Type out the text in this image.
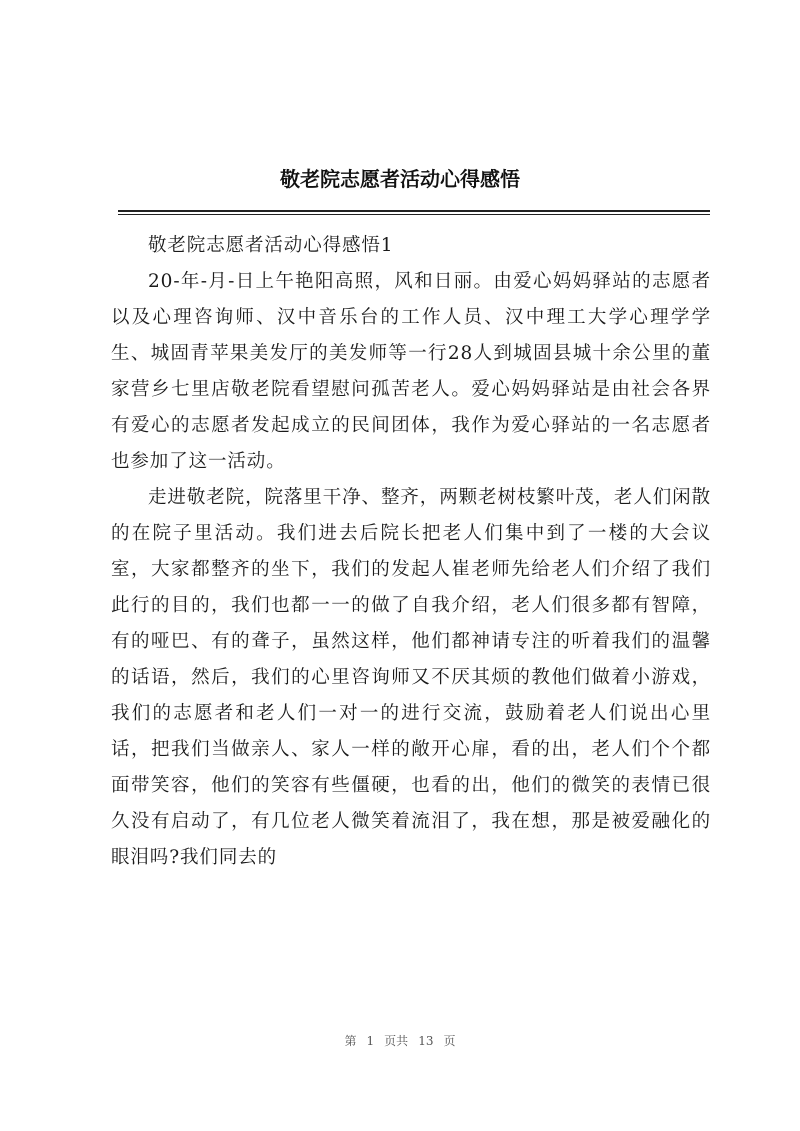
敬老院志愿者活动心得感悟

敬老院志愿者活动心得感悟1

20-年-月-日上午艳阳高照，风和日丽。由爱心妈妈驿站的志愿者以及心理咨询师、汉中音乐台的工作人员、汉中理工大学心理学学生、城固青苹果美发厅的美发师等一行28人到城固县城十余公里的董家营乡七里店敬老院看望慰问孤苦老人。爱心妈妈驿站是由社会各界有爱心的志愿者发起成立的民间团体，我作为爱心驿站的一名志愿者也参加了这一活动。

走进敬老院，院落里干净、整齐，两颗老树枝繁叶茂，老人们闲散的在院子里活动。我们进去后院长把老人们集中到了一楼的大会议室，大家都整齐的坐下，我们的发起人崔老师先给老人们介绍了我们此行的目的，我们也都一一的做了自我介绍，老人们很多都有智障，有的哑巴、有的聋子，虽然这样，他们都神请专注的听着我们的温馨的话语，然后，我们的心里咨询师又不厌其烦的教他们做着小游戏，我们的志愿者和老人们一对一的进行交流，鼓励着老人们说出心里话，把我们当做亲人、家人一样的敞开心扉，看的出，老人们个个都面带笑容，他们的笑容有些僵硬，也看的出，他们的微笑的表情已很久没有启动了，有几位老人微笑着流泪了，我在想，那是被爱融化的眼泪吗?我们同去的

第 1 页共 13 页
